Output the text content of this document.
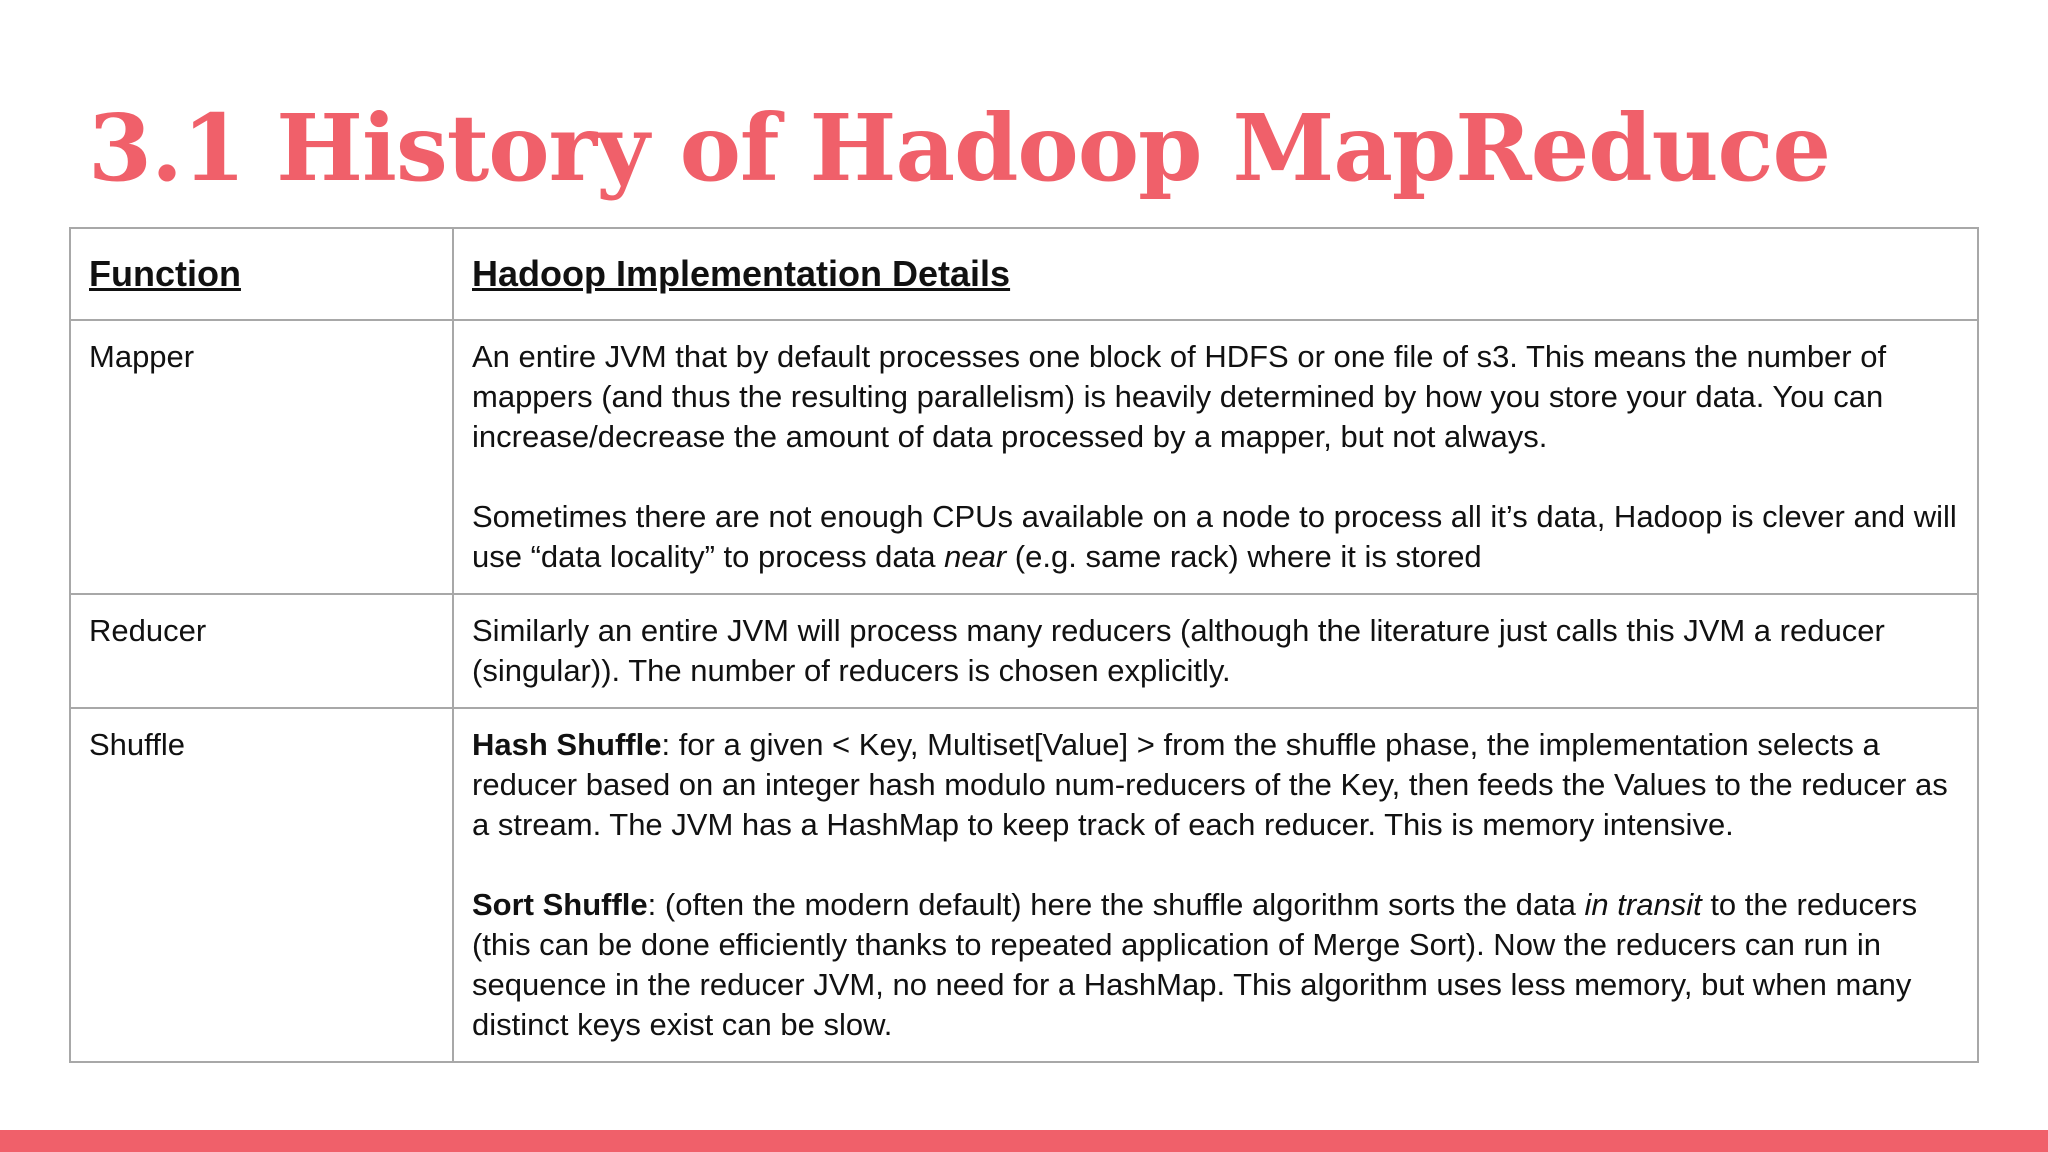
3.1 History of Hadoop MapReduce
Function	Hadoop Implementation Details
Mapper	An entire JVM that by default processes one block of HDFS or one file of s3. This means the number of mappers (and thus the resulting parallelism) is heavily determined by how you store your data. You can increase/decrease the amount of data processed by a mapper, but not always.

Sometimes there are not enough CPUs available on a node to process all it’s data, Hadoop is clever and will use “data locality” to process data near (e.g. same rack) where it is stored

Reducer	Similarly an entire JVM will process many reducers (although the literature just calls this JVM a reducer (singular)). The number of reducers is chosen explicitly.

Shuffle	Hash Shuffle: for a given < Key, Multiset[Value] > from the shuffle phase, the implementation selects a reducer based on an integer hash modulo num-reducers of the Key, then feeds the Values to the reducer as a stream. The JVM has a HashMap to keep track of each reducer. This is memory intensive.

Sort Shuffle: (often the modern default) here the shuffle algorithm sorts the data in transit to the reducers (this can be done efficiently thanks to repeated application of Merge Sort). Now the reducers can run in sequence in the reducer JVM, no need for a HashMap. This algorithm uses less memory, but when many distinct keys exist can be slow.
